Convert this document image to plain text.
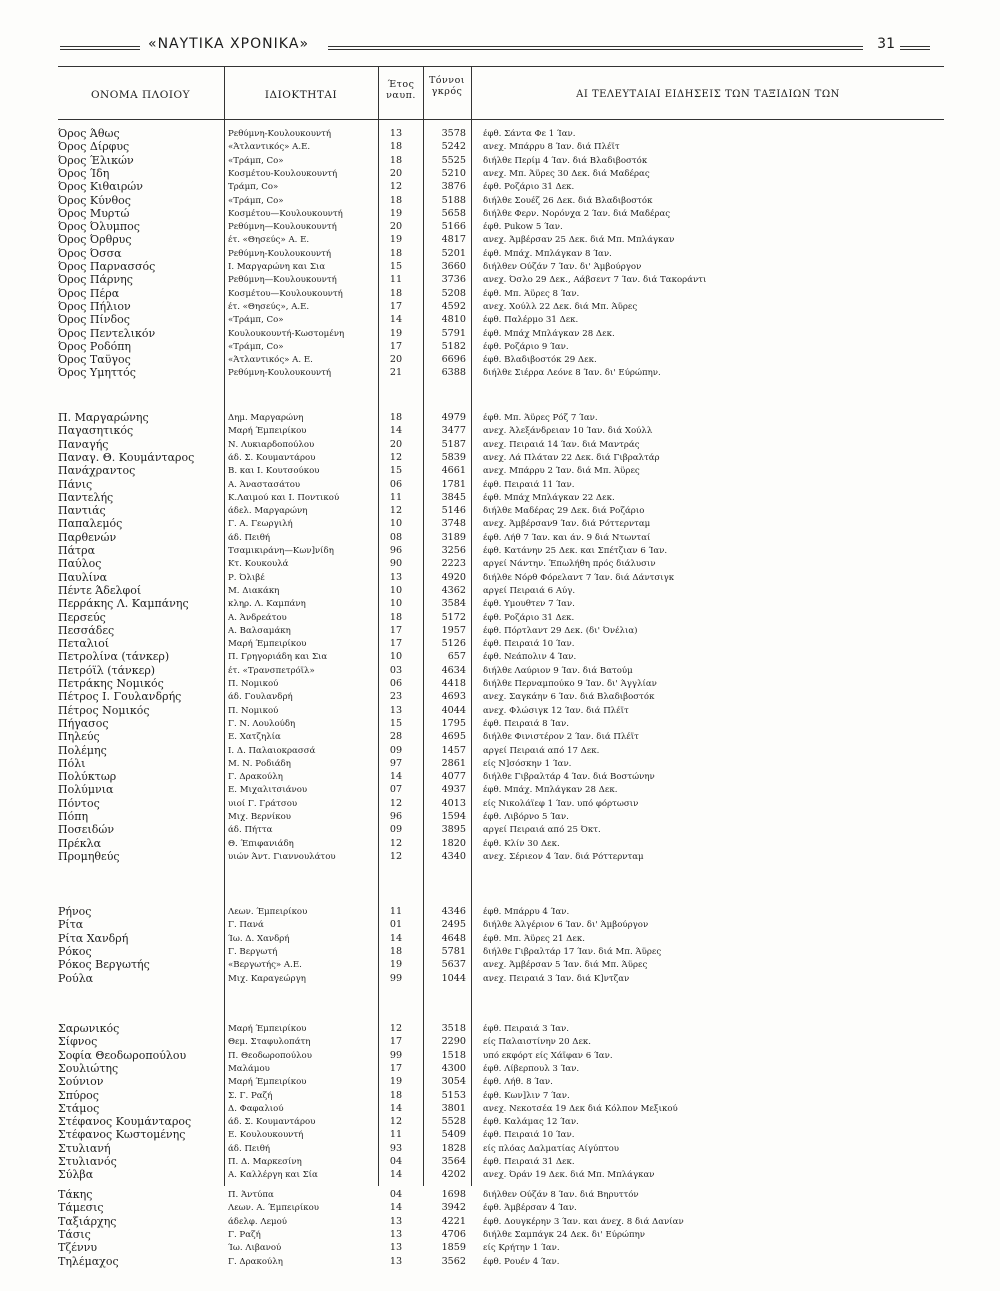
«ΝΑΥΤΙΚΑ ΧΡΟΝΙΚΑ»	31
ΟΝΟΜΑ ΠΛΟΙΟΥ	ΙΔΙΟΚΤΗΤΑΙ
Έτος ναυπ.
Τόννοι γκρός	ΑΙ ΤΕΛΕΥΤΑΙΑΙ ΕΙΔΗΣΕΙΣ ΤΩΝ ΤΑΞΙΔΙΩΝ ΤΩΝ
Όρος Άθως	Ρεθύμνη-Κουλουκουντή	13	3578 έφθ. Σάντα Φε 1 Ίαν.
Όρος Δίρφυς	«Άτλαντικός» Α.Ε.	18	5242 ανεχ. Μπάρρυ 8 Ίαν. διά Πλέϊτ
Όρος Έλικών	«Τράμπ, Co»	18	5525 διήλθε Περίμ 4 Ίαν. διά Βλαδιβοστόκ
Όρος Ίδη	Κοσμέτου-Κουλουκουντή	20	5210 ανεχ. Μπ. Άϋρες 30 Δεκ. διά Μαδέρας
Όρος Κιθαιρών	Τράμπ, Co»	12	3876 έφθ. Ροζάριο 31 Δεκ.
Όρος Κύνθος	«Τράμπ, Co»	18	5188 διήλθε Σουέζ 26 Δεκ. διά Βλαδιβοστόκ
Όρος Μυρτώ	Κοσμέτου—Κουλουκουντή	19	5658 διήλθε Φερν. Νορόνχα 2 Ίαν. διά Μαδέρας
Όρος Όλυμπος	Ρεθύμνη—Κουλουκουντή	20	5166 έφθ. Pukow 5 Ίαν.
Όρος Όρθρυς	έτ. «Θησεύς» Α. Ε.	19	4817 ανεχ. Άμβέρσαν 25 Δεκ. διά Μπ. Μπλάγκαν
Όρος Όσσα	Ρεθύμνη-Κουλουκουντή	18	5201 έφθ. Μπάχ. Μπλάγκαν 8 Ίαν.
Όρος Παρνασσός	Ι. Μαργαρώνη και Σια	15	3660 διήλθεν Ούζάν 7 Ίαν. δι' Άμβούργον
Όρος Πάρνης	Ρεθύμνη—Κουλουκουντή	11	3736 ανεχ. Όσλο 29 Δεκ., Αάβσεντ 7 Ίαν. διά Τακοράντι
Όρος Πέρα	Κοσμέτου—Κουλουκουντή	18	5208 έφθ. Μπ. Άϋρες 8 Ίαν.
Όρος Πήλιον	έτ. «Θησεύς», Α.Ε.	17	4592 ανεχ. Χούλλ 22 Δεκ. διά Μπ. Άϋρες
Όρος Πίνδος	«Τράμπ, Co»	14	4810 έφθ. Παλέρμο 31 Δεκ.
Όρος Πεντελικόν	Κουλουκουντή-Κωστομένη	19	5791 έφθ. Μπάχ Μπλάγκαν 28 Δεκ.
Όρος Ροδόπη	«Τράμπ, Co»	17	5182 έφθ. Ροζάριο 9 Ίαν.
Όρος Ταΰγος	«Άτλαντικός» Α. Ε.	20	6696 έφθ. Βλαδιβοστόκ 29 Δεκ.
Όρος Υμηττός	Ρεθύμνη-Κουλουκουντή	21	6388 διήλθε Σιέρρα Λεόνε 8 Ίαν. δι' Εύρώπην.
Π. Μαργαρώνης	Δημ. Μαργαρώνη	18	4979 έφθ. Μπ. Άϋρες Ρόζ 7 Ίαν.
Παγασητικός	Μαρή Έμπειρίκου	14	3477 ανεχ. Άλεξάνδρειαν 10 Ίαν. διά Χούλλ
Παναγής	Ν. Λυκιαρδοπούλου	20	5187 ανεχ. Πειραιά 14 Ίαν. διά Μαντράς
Παναγ. Θ. Κουμάνταρος	άδ. Σ. Κουμαντάρου	12	5839 ανεχ. Λά Πλάταν 22 Δεκ. διά Γιβραλτάρ
Πανάχραντος	Β. και Ι. Κουτσούκου	15	4661 ανεχ. Μπάρρυ 2 Ίαν. διά Μπ. Άϋρες
Πάνις	Α. Άναστασάτου	06	1781 έφθ. Πειραιά 11 Ίαν.
Παντελής	Κ.Λαιμού και Ι. Ποντικού	11	3845 έφθ. Μπάχ Μπλάγκαν 22 Δεκ.
Παντιάς	άδελ. Μαργαρώνη	12	5146 διήλθε Μαδέρας 29 Δεκ. διά Ροζάριο
Παπαλεμός	Γ. Α. Γεωργιλή	10	3748 ανεχ. Άμβέρσαν9 Ίαν. διά Ρόττερνταμ
Παρθενών	άδ. Πειθή	08	3189 έφθ. Λήθ 7 Ίαν. και άν. 9 διά Ντωνταί
Πάτρα	Τσαμικιράνη—Κων]νίδη	96	3256 έφθ. Κατάνην 25 Δεκ. και Σπέτζιαν 6 Ίαν.
Παύλος	Κτ. Κουκουλά	90	2223 αργεί Νάντην. Έπωλήθη πρός διάλυσιν
Παυλίνα	Ρ. Όλιβέ	13	4920 διήλθε Νόρθ Φόρελαντ 7 Ίαν. διά Δάντσιγκ
Πέντε Άδελφοί	Μ. Διακάκη	10	4362 αργεί Πειραιά 6 Αύγ.
Περράκης Λ. Καμπάνης	κληρ. Λ. Καμπάνη	10	3584 έφθ. Υμουθτεν 7 Ίαν.
Περσεύς	Α. Άνδρεάτου	18	5172 έφθ. Ροζάριο 31 Δεκ.
Πεσσάδες	Α. Βαλσαμάκη	17	1957 έφθ. Πόρτλαντ 29 Δεκ. (δι' Όνέλια)
Πεταλιοί	Μαρή Έμπειρίκου	17	5126 έφθ. Πειραιά 10 Ίαν.
Πετρολίνα (τάνκερ)	Π. Γρηγοριάδη και Σια	10	657 έφθ. Νεάπολιν 4 Ίαν.
Πετρόϊλ (τάνκερ)	έτ. «Τρανσπετρόϊλ»	03	4634 διήλθε Λαύριον 9 Ίαν. διά Βατούμ
Πετράκης Νομικός	Π. Νομικού	06	4418 διήλθε Περναμπούκο 9 Ίαν. δι' Άγγλίαν
Πέτρος Ι. Γουλανδρής	άδ. Γουλανδρή	23	4693 ανεχ. Σαγκάην 6 Ίαν. διά Βλαδιβοστόκ
Πέτρος Νομικός	Π. Νομικού	13	4044 ανεχ. Φλώσιγκ 12 Ίαν. διά Πλέϊτ
Πήγασος	Γ. Ν. Λουλούδη	15	1795 έφθ. Πειραιά 8 Ίαν.
Πηλεύς	Ε. Χατζηλία	28	4695 διήλθε Φινιστέρον 2 Ίαν. διά Πλέϊτ
Πολέμης	Ι. Δ. Παλαιοκρασσά	09	1457 αργεί Πειραιά από 17 Δεκ.
Πόλι	Μ. Ν. Ροδιάδη	97	2861 είς Ν]σόσκην 1 Ίαν.
Πολύκτωρ	Γ. Δρακούλη	14	4077 διήλθε Γιβραλτάρ 4 Ίαν. διά Βοστώνην
Πολύμνια	Ε. Μιχαλιτσιάνου	07	4937 έφθ. Μπάχ. Μπλάγκαν 28 Δεκ.
Πόντος	υιοί Γ. Γράτσου	12	4013 είς Νικολάϊεφ 1 Ίαν. υπό φόρτωσιν
Πόπη	Μιχ. Βερνίκου	96	1594 έφθ. Λιβόρνο 5 Ίαν.
Ποσειδών	άδ. Πήττα	09	3895 αργεί Πειραιά από 25 Όκτ.
Πρέκλα	Θ. Έπιφανιάδη	12	1820 έφθ. Κλίν 30 Δεκ.
Προμηθεύς	υιών Άντ. Γιαννουλάτου	12	4340 ανεχ. Σέριεον 4 Ίαν. διά Ρόττερνταμ
Ρήνος	Λεων. Έμπειρίκου	11	4346 έφθ. Μπάρρυ 4 Ίαν.
Ρίτα	Γ. Πανά	01	2495 διήλθε Άλγέριον 6 Ίαν. δι' Άμβούργον
Ρίτα Χανδρή	Ίω. Δ. Χανδρή	14	4648 έφθ. Μπ. Άϋρες 21 Δεκ.
Ρόκος	Γ. Βεργωτή	18	5781 διήλθε Γιβραλτάρ 17 Ίαν. διά Μπ. Άϋρες
Ρόκος Βεργωτής	«Βεργωτής» Α.Ε.	19	5637 ανεχ. Άμβέρσαν 5 Ίαν. διά Μπ. Άϋρες
Ρούλα	Μιχ. Καραγεώργη	99	1044 ανεχ. Πειραιά 3 Ίαν. διά Κ]ντζαν
Σαρωνικός	Μαρή Έμπειρίκου	12	3518 έφθ. Πειραιά 3 Ίαν.
Σίφνος	Θεμ. Σταφυλοπάτη	17	2290 είς Παλαιστίνην 20 Δεκ.
Σοφία Θεοδωροπούλου	Π. Θεοδωροπούλου	99	1518 υπό εκφόρτ είς Χάϊφαν 6 Ίαν.
Σουλιώτης	Μαλάμου	17	4300 έφθ. Λίβερπουλ 3 Ίαν.
Σούνιον	Μαρή Έμπειρίκου	19	3054 έφθ. Λήθ. 8 Ίαν.
Σπύρος	Σ. Γ. Ραζή	18	5153 έφθ. Κων]λιν 7 Ίαν.
Στάμος	Δ. Φαφαλιού	14	3801 ανεχ. Νεκοτσέα 19 Δεκ διά Κόλπον Μεξικού
Στέφανος Κουμάνταρος	άδ. Σ. Κουμαντάρου	12	5528 έφθ. Καλάμας 12 Ίαν.
Στέφανος Κωστομένης	Ε. Κουλουκουντή	11	5409 έφθ. Πειραιά 10 Ίαν.
Στυλιανή	άδ. Πειθή	93	1828 είς πλόας Δαλματίας Αίγύπτου
Στυλιανός	Π. Δ. Μαρκεσίνη	04	3564 έφθ. Πειραιά 31 Δεκ.
Σύλβα	Α. Καλλέργη και Σία	14	4202 ανεχ. Όράν 19 Δεκ. διά Μπ. Μπλάγκαν
Τάκης	Π. Άντύπα	04	1698 διήλθεν Ούζάν 8 Ίαν. διά Βηρυττόν
Τάμεσις	Λεων. Α. Έμπειρίκου	14	3942 έφθ. Άμβέρσαν 4 Ίαν.
Ταξιάρχης	άδελφ. Λεμού	13	4221 έφθ. Δουγκέρην 3 Ίαν. και άνεχ. 8 διά Δανίαν
Τάσις	Γ. Ραζή	13	4706 διήλθε Σαμπάγκ 24 Δεκ. δι' Εύρώπην
Τζέννυ	Ίω. Λιβανού	13	1859 είς Κρήτην 1 Ίαν.
Τηλέμαχος	Γ. Δρακούλη	13	3562 έφθ. Ρουέν 4 Ίαν.
